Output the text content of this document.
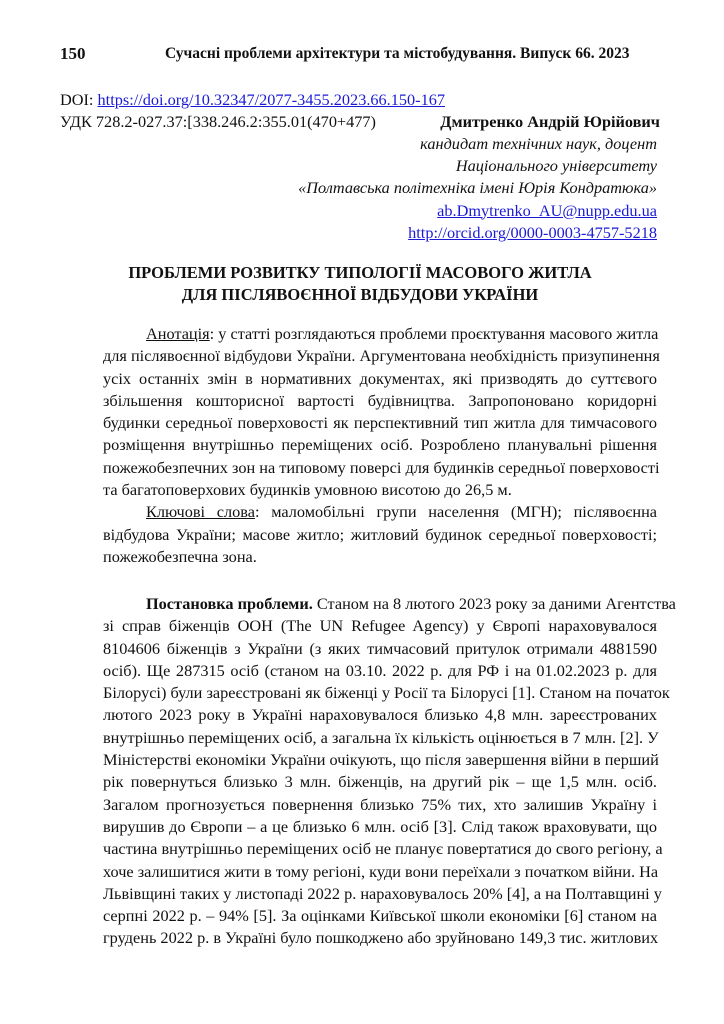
150	Сучасні проблеми архітектури та містобудування. Випуск 66. 2023
DOI: https://doi.org/10.32347/2077-3455.2023.66.150-167
УДК 728.2-027.37:[338.246.2:355.01(470+477)	Дмитренко Андрій Юрійович
кандидат технічних наук, доцент
Національного університету
«Полтавська політехніка імені Юрія Кондратюка»
ab.Dmytrenko_AU@nupp.edu.ua
http://orcid.org/0000-0003-4757-5218
ПРОБЛЕМИ РОЗВИТКУ ТИПОЛОГІЇ МАСОВОГО ЖИТЛА
ДЛЯ ПІСЛЯВОЄННОЇ ВІДБУДОВИ УКРАЇНИ
Анотація: у статті розглядаються проблеми проєктування масового житла
для післявоєнної відбудови України. Аргументована необхідність призупинення
усіх останніх змін в нормативних документах, які призводять до суттєвого
збільшення кошторисної вартості будівництва. Запропоновано коридорні
будинки середньої поверховості як перспективний тип житла для тимчасового
розміщення внутрішньо переміщених осіб. Розроблено планувальні рішення
пожежобезпечних зон на типовому поверсі для будинків середньої поверховості
та багатоповерхових будинків умовною висотою до 26,5 м.
Ключові слова: маломобільні групи населення (МГН); післявоєнна
відбудова України; масове житло; житловий будинок середньої поверховості;
пожежобезпечна зона.
Постановка проблеми. Станом на 8 лютого 2023 року за даними Агентства
зі справ біженців ООН (The UN Refugee Agency) у Європі нараховувалося
8104606 біженців з України (з яких тимчасовий притулок отримали 4881590
осіб). Ще 287315 осіб (станом на 03.10. 2022 р. для РФ і на 01.02.2023 р. для
Білорусі) були зареєстровані як біженці у Росії та Білорусі [1]. Станом на початок
лютого 2023 року в Україні нараховувалося близько 4,8 млн. зареєстрованих
внутрішньо переміщених осіб, а загальна їх кількість оцінюється в 7 млн. [2]. У
Міністерстві економіки України очікують, що після завершення війни в перший
рік повернуться близько 3 млн. біженців, на другий рік – ще 1,5 млн. осіб.
Загалом прогнозується повернення близько 75% тих, хто залишив Україну і
вирушив до Європи – а це близько 6 млн. осіб [3]. Слід також враховувати, що
частина внутрішньо переміщених осіб не планує повертатися до свого регіону, а
хоче залишитися жити в тому регіоні, куди вони переїхали з початком війни. На
Львівщині таких у листопаді 2022 р. нараховувалось 20% [4], а на Полтавщині у
серпні 2022 р. – 94% [5]. За оцінками Київської школи економіки [6] станом на
грудень 2022 р. в Україні було пошкоджено або зруйновано 149,3 тис. житлових
